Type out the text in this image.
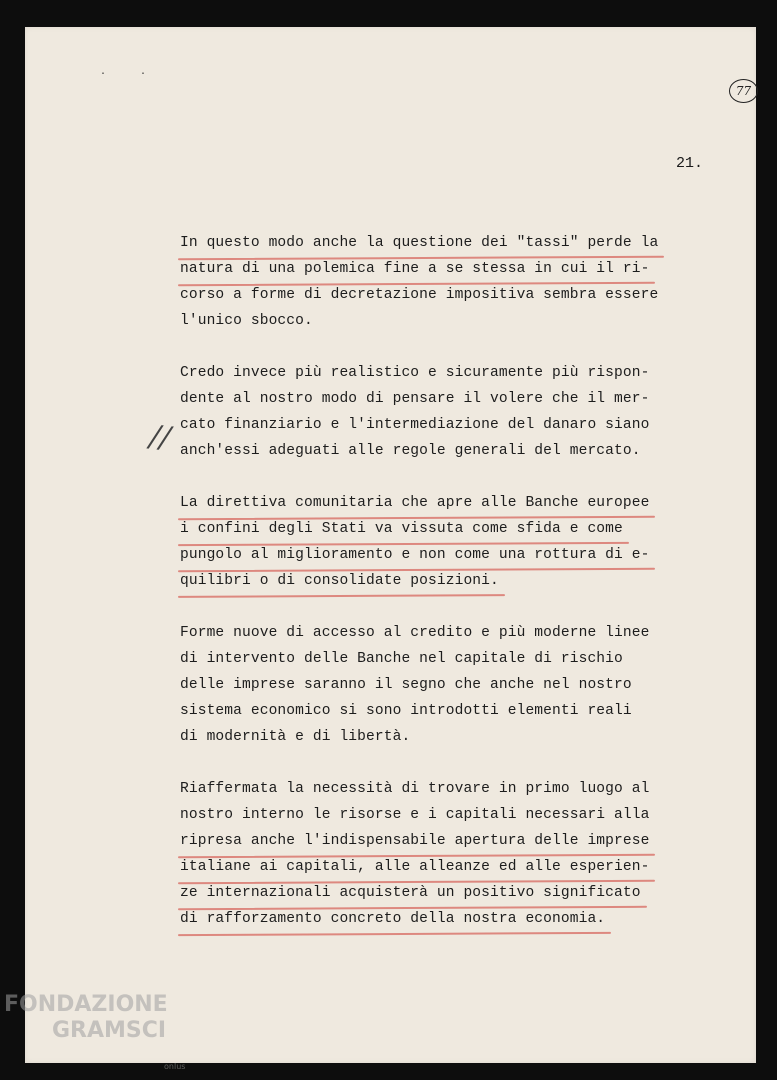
··
77
21.
//
In questo modo anche la questione dei "tassi" perde la
natura di una polemica fine a se stessa in cui il ri-
corso a forme di decretazione impositiva sembra essere
l'unico sbocco.
Credo invece più realistico e sicuramente più rispon-
dente al nostro modo di pensare il volere che il mer-
cato finanziario e l'intermediazione del danaro siano
anch'essi adeguati alle regole generali del mercato.
La direttiva comunitaria che apre alle Banche europee
i confini degli Stati va vissuta come sfida e come
pungolo al miglioramento e non come una rottura di e-
quilibri o di consolidate posizioni.
Forme nuove di accesso al credito e più moderne linee
di intervento delle Banche nel capitale di rischio
delle imprese saranno il segno che anche nel nostro
sistema economico si sono introdotti elementi reali
di modernità e di libertà.
Riaffermata la necessità di trovare in primo luogo al
nostro interno le risorse e i capitali necessari alla
ripresa anche l'indispensabile apertura delle imprese
italiane ai capitali, alle alleanze ed alle esperien-
ze internazionali acquisterà un positivo significato
di rafforzamento concreto della nostra economia.
FONDAZIONE
GRAMSCI
onlus
